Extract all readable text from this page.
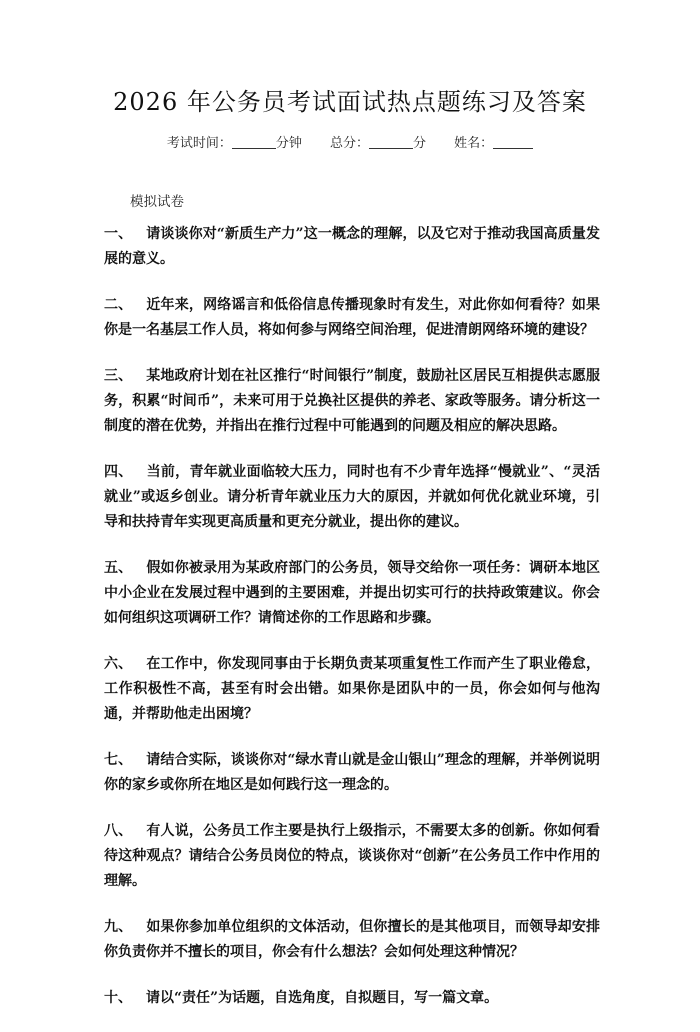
2026 年公务员考试面试热点题练习及答案
考试时间：	分钟 总分：	分 姓名：
模拟试卷

一、 请谈谈你对“新质生产力”这一概念的理解，以及它对于推动我国高质量发展的意义。

二、 近年来，网络谣言和低俗信息传播现象时有发生，对此你如何看待？如果你是一名基层工作人员，将如何参与网络空间治理，促进清朗网络环境的建设？

三、 某地政府计划在社区推行“时间银行”制度，鼓励社区居民互相提供志愿服务，积累“时间币”，未来可用于兑换社区提供的养老、家政等服务。请分析这一制度的潜在优势，并指出在推行过程中可能遇到的问题及相应的解决思路。

四、 当前，青年就业面临较大压力，同时也有不少青年选择“慢就业”、“灵活就业”或返乡创业。请分析青年就业压力大的原因，并就如何优化就业环境，引导和扶持青年实现更高质量和更充分就业，提出你的建议。

五、 假如你被录用为某政府部门的公务员，领导交给你一项任务：调研本地区中小企业在发展过程中遇到的主要困难，并提出切实可行的扶持政策建议。你会如何组织这项调研工作？请简述你的工作思路和步骤。

六、 在工作中，你发现同事由于长期负责某项重复性工作而产生了职业倦怠，工作积极性不高，甚至有时会出错。如果你是团队中的一员，你会如何与他沟通，并帮助他走出困境？

七、 请结合实际，谈谈你对“绿水青山就是金山银山”理念的理解，并举例说明你的家乡或你所在地区是如何践行这一理念的。

八、 有人说，公务员工作主要是执行上级指示，不需要太多的创新。你如何看待这种观点？请结合公务员岗位的特点，谈谈你对“创新”在公务员工作中作用的理解。

九、 如果你参加单位组织的文体活动，但你擅长的是其他项目，而领导却安排你负责你并不擅长的项目，你会有什么想法？会如何处理这种情况？

十、 请以“责任”为话题，自选角度，自拟题目，写一篇文章。
